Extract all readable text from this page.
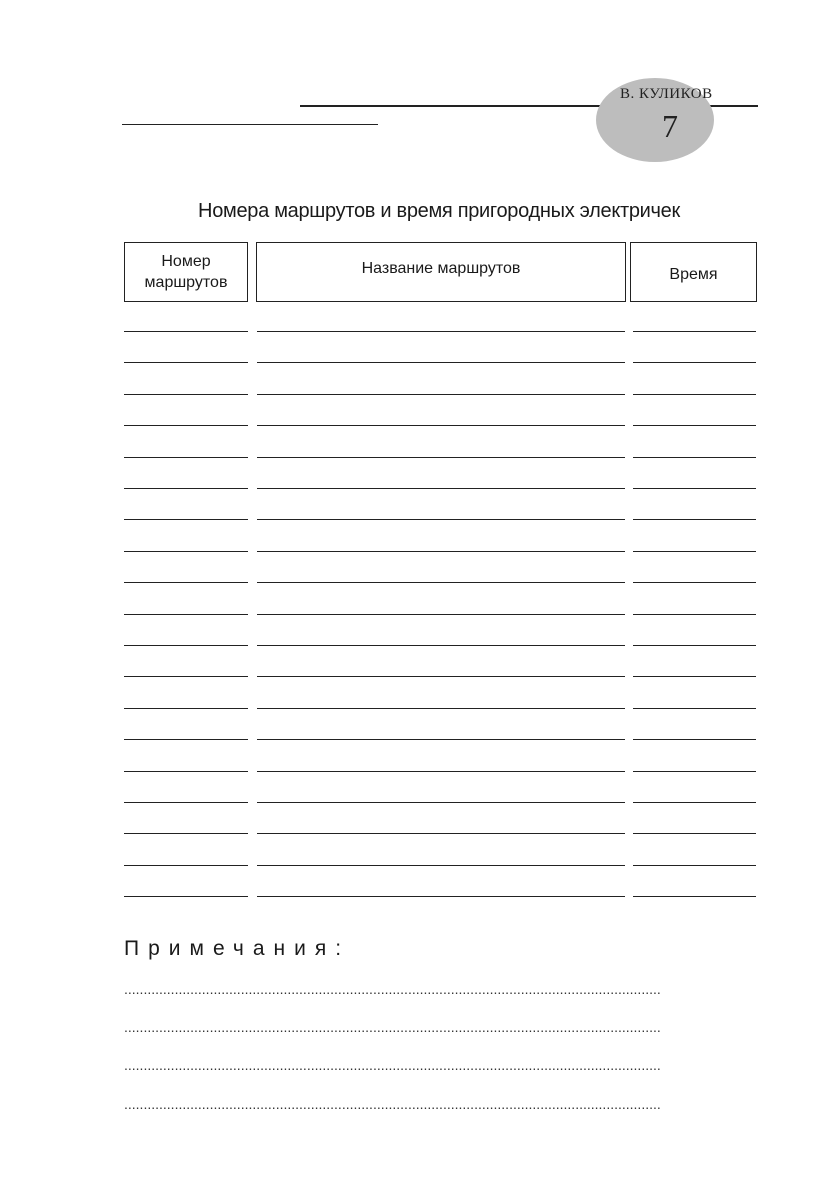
В. КУЛИКОВ
7
Номера маршрутов и время пригородных электричек
Номер
маршрутов
Название маршрутов	Время
Примечания:
..........................................................................................................................................
..........................................................................................................................................
..........................................................................................................................................
..........................................................................................................................................
